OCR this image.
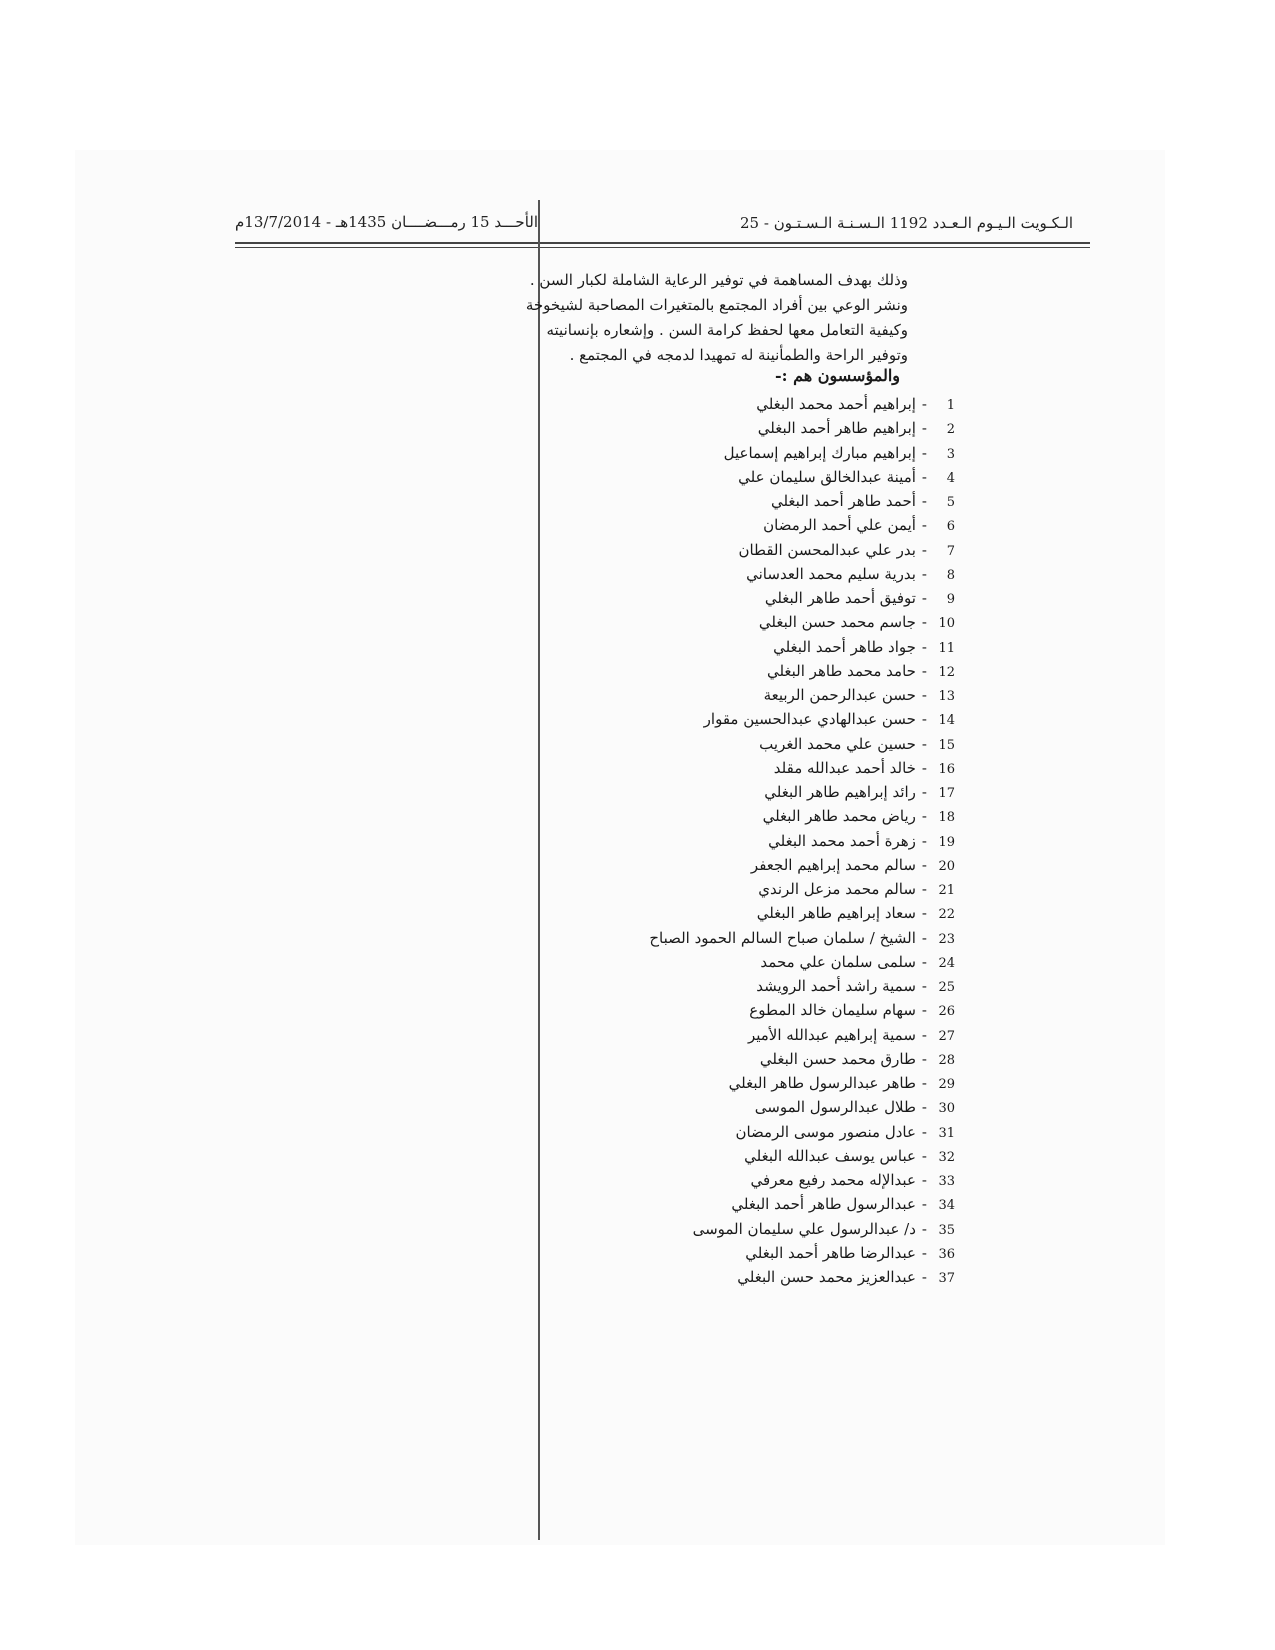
الأحـــد 15 رمـــضــــان 1435هـ - 13/7/2014م	الـكـويت الـيـوم الـعـدد 1192 الـسـنـة الـسـتـون - 25

وذلك بهدف المساهمة في توفير الرعاية الشاملة لكبار السن .

ونشر الوعي بين أفراد المجتمع بالمتغيرات المصاحبة لشيخوخة

وكيفية التعامل معها لحفظ كرامة السن . وإشعاره بإنسانيته

وتوفير الراحة والطمأنينة له تمهيدا لدمجه في المجتمع .

والمؤسسون هم :-
1-إبراهيم أحمد محمد البغلي
2-إبراهيم طاهر أحمد البغلي
3-إبراهيم مبارك إبراهيم إسماعيل
4-أمينة عبدالخالق سليمان علي
5-أحمد طاهر أحمد البغلي
6-أيمن علي أحمد الرمضان
7-بدر علي عبدالمحسن القطان
8-بدرية سليم محمد العدساني
9-توفيق أحمد طاهر البغلي
10-جاسم محمد حسن البغلي
11-جواد طاهر أحمد البغلي
12-حامد محمد طاهر البغلي
13-حسن عبدالرحمن الربيعة
14-حسن عبدالهادي عبدالحسين مقوار
15-حسين علي محمد الغريب
16-خالد أحمد عبدالله مقلد
17-رائد إبراهيم طاهر البغلي
18-رياض محمد طاهر البغلي
19-زهرة أحمد محمد البغلي
20-سالم محمد إبراهيم الجعفر
21-سالم محمد مزعل الرندي
22-سعاد إبراهيم طاهر البغلي
23-الشيخ / سلمان صباح السالم الحمود الصباح
24-سلمى سلمان علي محمد
25-سمية راشد أحمد الرويشد
26-سهام سليمان خالد المطوع
27-سمية إبراهيم عبدالله الأمير
28-طارق محمد حسن البغلي
29-طاهر عبدالرسول طاهر البغلي
30-طلال عبدالرسول الموسى
31-عادل منصور موسى الرمضان
32-عباس يوسف عبدالله البغلي
33-عبدالإله محمد رفيع معرفي
34-عبدالرسول طاهر أحمد البغلي
35-د/ عبدالرسول علي سليمان الموسى
36-عبدالرضا طاهر أحمد البغلي
37-عبدالعزيز محمد حسن البغلي
